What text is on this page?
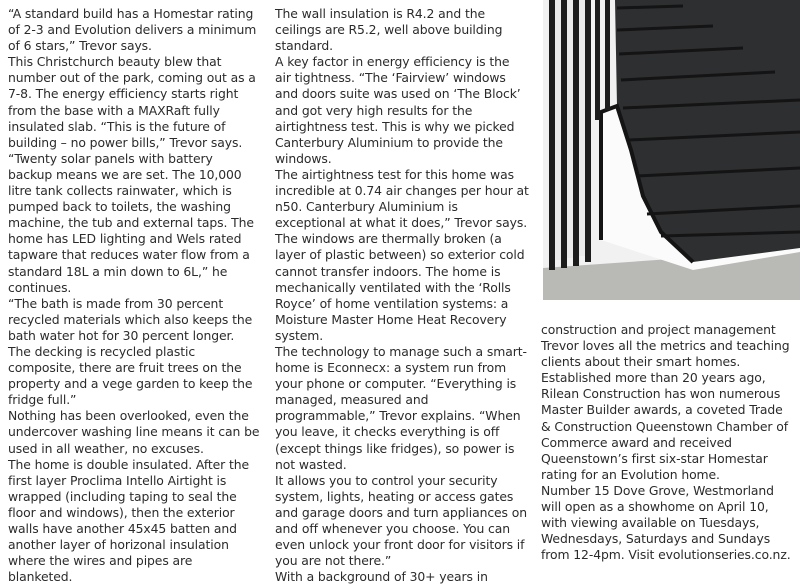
“A standard build has a Homestar rating of 2-3 and Evolution delivers a minimum of 6 stars,” Trevor says.

This Christchurch beauty blew that number out of the park, coming out as a 7-8. The energy efficiency starts right from the base with a MAXRaft fully insulated slab. “This is the future of building – no power bills,” Trevor says. “Twenty solar panels with battery backup means we are set. The 10,000 litre tank collects rainwater, which is pumped back to toilets, the washing machine, the tub and external taps. The home has LED lighting and Wels rated tapware that reduces water flow from a standard 18L a min down to 6L,” he continues.

“The bath is made from 30 percent recycled materials which also keeps the bath water hot for 30 percent longer. The decking is recycled plastic composite, there are fruit trees on the property and a vege garden to keep the fridge full.”

Nothing has been overlooked, even the undercover washing line means it can be used in all weather, no excuses.

The home is double insulated. After the first layer Proclima Intello Airtight is wrapped (including taping to seal the floor and windows), then the exterior walls have another 45x45 batten and another layer of horizonal insulation where the wires and pipes are blanketed.

The wall insulation is R4.2 and the ceilings are R5.2, well above building standard.

A key factor in energy efficiency is the air tightness. “The ‘Fairview’ windows and doors suite was used on ‘The Block’ and got very high results for the airtightness test. This is why we picked Canterbury Aluminium to provide the windows.

The airtightness test for this home was incredible at 0.74 air changes per hour at n50. Canterbury Aluminium is exceptional at what it does,” Trevor says.

The windows are thermally broken (a layer of plastic between) so exterior cold cannot transfer indoors. The home is mechanically ventilated with the ‘Rolls Royce’ of home ventilation systems: a Moisture Master Home Heat Recovery system.

The technology to manage such a smart-home is Econnecx: a system run from your phone or computer. “Everything is managed, measured and programmable,” Trevor explains. “When you leave, it checks everything is off (except things like fridges), so power is not wasted.

It allows you to control your security system, lights, heating or access gates and garage doors and turn appliances on and off whenever you choose. You can even unlock your front door for visitors if you are not there.”

With a background of 30+ years in

construction and project management Trevor loves all the metrics and teaching clients about their smart homes.

Established more than 20 years ago, Rilean Construction has won numerous Master Builder awards, a coveted Trade & Construction Queenstown Chamber of Commerce award and received Queenstown’s first six-star Homestar rating for an Evolution home.

Number 15 Dove Grove, Westmorland will open as a showhome on April 10, with viewing available on Tuesdays, Wednesdays, Saturdays and Sundays from 12-4pm. Visit evolutionseries.co.nz.
